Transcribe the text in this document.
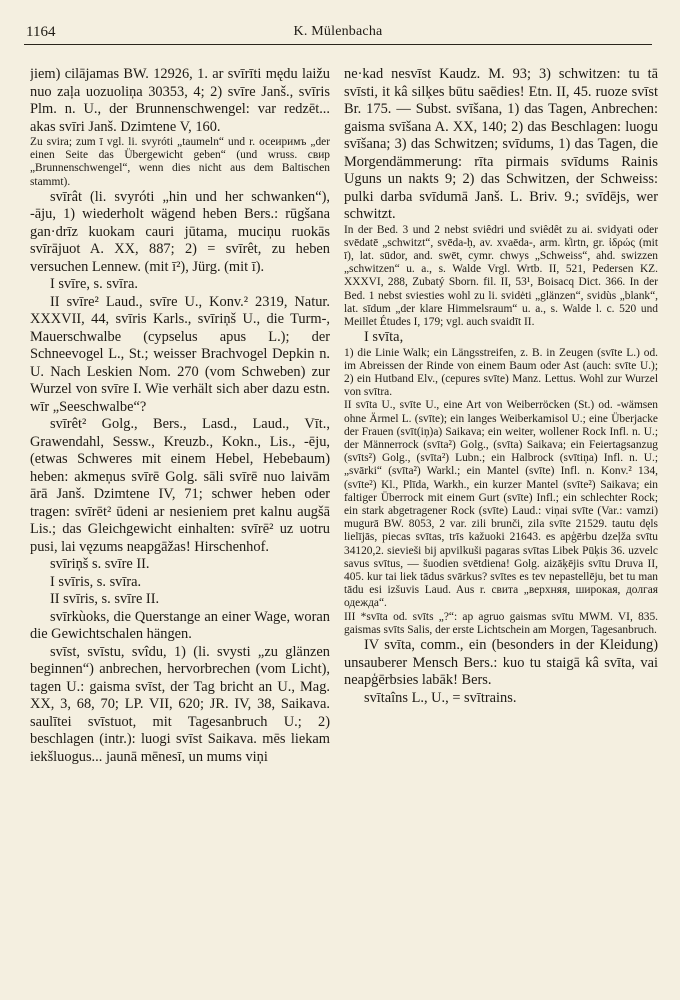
1164	K. Mülenbacha

jiem) cilājamas BW. 12926, 1. ar svīrīti mędu laižu nuo zaļa uozuoliņa 30353, 4; 2) svīre Janš., svīris Plm. n. U., der Brunnenschwengel: var redzēt... akas svīri Janš. Dzimtene V, 160.

Zu svira; zum ī vgl. li. svyróti „taumeln“ und r. осеиримъ „der einen Seite das Übergewicht geben“ (und wruss. свир „Brunnenschwengel“, wenn dies nicht aus dem Baltischen stammt).

svīrât (li. svyróti „hin und her schwanken“), -āju, 1) wiederholt wägend heben Bers.: rūgšana gan·drīz kuokam cauri jūtama, muciņu ruokās svīrājuot A. XX, 887; 2) = svīrêt, zu heben versuchen Lennew. (mit ī²), Jürg. (mit ī).

I svīre, s. svīra.

II svīre² Laud., svīre U., Konv.² 2319, Natur. XXXVII, 44, svīris Karls., svīriņš U., die Turm-, Mauerschwalbe (cypselus apus L.); der Schneevogel L., St.; weisser Brachvogel Depkin n. U. Nach Leskien Nom. 270 (vom Schweben) zur Wurzel von svīre I. Wie verhält sich aber dazu estn. wīr „Seeschwalbe“?

svīrêt² Golg., Bers., Lasd., Laud., Vīt., Grawendahl, Sessw., Kreuzb., Kokn., Lis., -ēju, (etwas Schweres mit einem Hebel, Hebebaum) heben: akmeņus svīrē Golg. sāli svīrē nuo laivām ārā Janš. Dzimtene IV, 71; schwer heben oder tragen: svīrēt² ūdeni ar nesieniem pret kalnu augšā Lis.; das Gleichgewicht einhalten: svīrē² uz uotru pusi, lai vęzums neapgāžas! Hirschenhof.

svīriņš s. svīre II.

I svīris, s. svīra.

II svīris, s. svīre II.

svīrkùoks, die Querstange an einer Wage, woran die Gewichtschalen hängen.

svīst, svīstu, svîdu, 1) (li. svysti „zu glänzen beginnen“) anbrechen, hervorbrechen (vom Licht), tagen U.: gaisma svīst, der Tag bricht an U., Mag. XX, 3, 68, 70; LP. VII, 620; JR. IV, 38, Saikava. saulītei svīstuot, mit Tagesanbruch U.; 2) beschlagen (intr.): luogi svīst Saikava. mēs liekam iekšluogus... jaunā mēnesī, un mums viņi

ne·kad nesvīst Kaudz. M. 93; 3) schwitzen: tu tā svīsti, it kâ silķes būtu saēdies! Etn. II, 45. ruoze svīst Br. 175. — Subst. svīšana, 1) das Tagen, Anbrechen: gaisma svīšana A. XX, 140; 2) das Beschlagen: luogu svīšana; 3) das Schwitzen; svīdums, 1) das Tagen, die Morgendämmerung: rīta pirmais svīdums Rainis Uguns un nakts 9; 2) das Schwitzen, der Schweiss: pulki darba svīdumā Janš. L. Briv. 9.; svīdējs, wer schwitzt.

In der Bed. 3 und 2 nebst sviêdri und sviêdêt zu ai. svidyati oder svēdatē „schwitzt“, svēda-ḥ, av. xvaēda-, arm. k̔irtn, gr. ἱδρώς (mit ī), lat. sūdor, and. swēt, cymr. chwys „Schweiss“, ahd. swizzen „schwitzen“ u. a., s. Walde Vrgl. Wrtb. II, 521, Pedersen KZ. XXXVI, 288, Zubatý Sborn. fil. II, 53¹, Boisacq Dict. 366. In der Bed. 1 nebst sviesties wohl zu li. svidėti „glänzen“, svidùs „blank“, lat. sīdum „der klare Himmelsraum“ u. a., s. Walde l. c. 520 und Meillet Études I, 179; vgl. auch svaidīt II.

I svīta,

1) die Linie Walk; ein Längsstreifen, z. B. in Zeugen (svīte L.) od. im Abreissen der Rinde von einem Baum oder Ast (auch: svīte U.); 2) ein Hutband Elv., (cepures svīte) Manz. Lettus. Wohl zur Wurzel von svītra.

II svīta U., svīte U., eine Art von Weiberröcken (St.) od. -wämsen ohne Ärmel L. (svīte); ein langes Weiberkamisol U.; eine Überjacke der Frauen (svīt(iņ)a) Saikava; ein weiter, wollener Rock Infl. n. U.; der Männerrock (svīta²) Golg., (svīta) Saikava; ein Feiertagsanzug (svīts²) Golg., (svīta²) Lubn.; ein Halbrock (svītiņa) Infl. n. U.; „svārki“ (svīta²) Warkl.; ein Mantel (svīte) Infl. n. Konv.² 134, (svīte²) Kl., Plīda, Warkh., ein kurzer Mantel (svīte²) Saikava; ein faltiger Überrock mit einem Gurt (svīte) Infl.; ein schlechter Rock; ein stark abgetragener Rock (svīte) Laud.: viņai svīte (Var.: vamzi) mugurā BW. 8053, 2 var. zili brunči, zila svīte 21529. tautu dęls lielījās, piecas svītas, trīs kažuoki 21643. es apģērbu dzeļža svītu 34120,2. sievieši bij apvilkuši pagaras svītas Libek Pūķis 36. uzvelc savus svītus, — šuodien svētdiena! Golg. aizāķējis svītu Druva II, 405. kur tai liek tādus svārkus? svītes es tev nepastellēju, bet tu man tādu esi izšuvis Laud. Aus r. свита „верхняя, широкая, долгая одежда“.

III *svīta od. svīts „?“: ap agruo gaismas svītu MWM. VI, 835. gaismas svīts Salis, der erste Lichtschein am Morgen, Tagesanbruch.

IV svīta, comm., ein (besonders in der Kleidung) unsauberer Mensch Bers.: kuo tu staigā kâ svīta, vai neapģērbsies labāk! Bers.

svītaîns L., U., = svītrains.
